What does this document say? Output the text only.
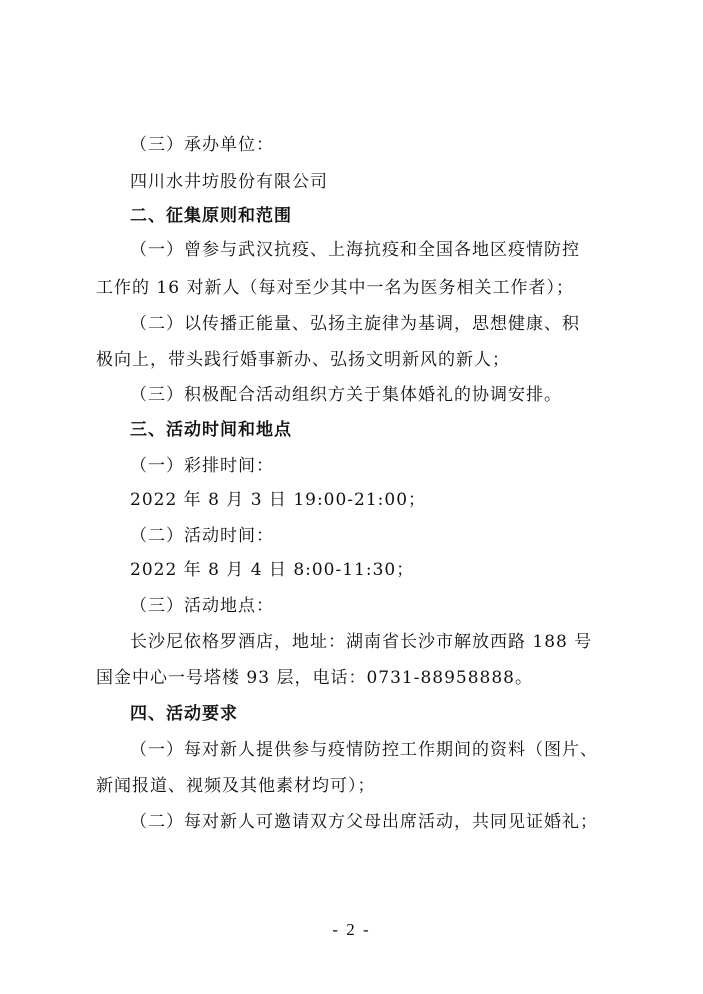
（三）承办单位：
四川水井坊股份有限公司
二、征集原则和范围
（一）曾参与武汉抗疫、上海抗疫和全国各地区疫情防控
工作的 16 对新人（每对至少其中一名为医务相关工作者）；
（二）以传播正能量、弘扬主旋律为基调，思想健康、积
极向上，带头践行婚事新办、弘扬文明新风的新人；
（三）积极配合活动组织方关于集体婚礼的协调安排。
三、活动时间和地点
（一）彩排时间：
2022 年 8 月 3 日 19:00-21:00；
（二）活动时间：
2022 年 8 月 4 日 8:00-11:30；
（三）活动地点：
长沙尼依格罗酒店，地址：湖南省长沙市解放西路 188 号
国金中心一号塔楼 93 层，电话：0731-88958888。
四、活动要求
（一）每对新人提供参与疫情防控工作期间的资料（图片、
新闻报道、视频及其他素材均可）；
（二）每对新人可邀请双方父母出席活动，共同见证婚礼；
- 2 -
